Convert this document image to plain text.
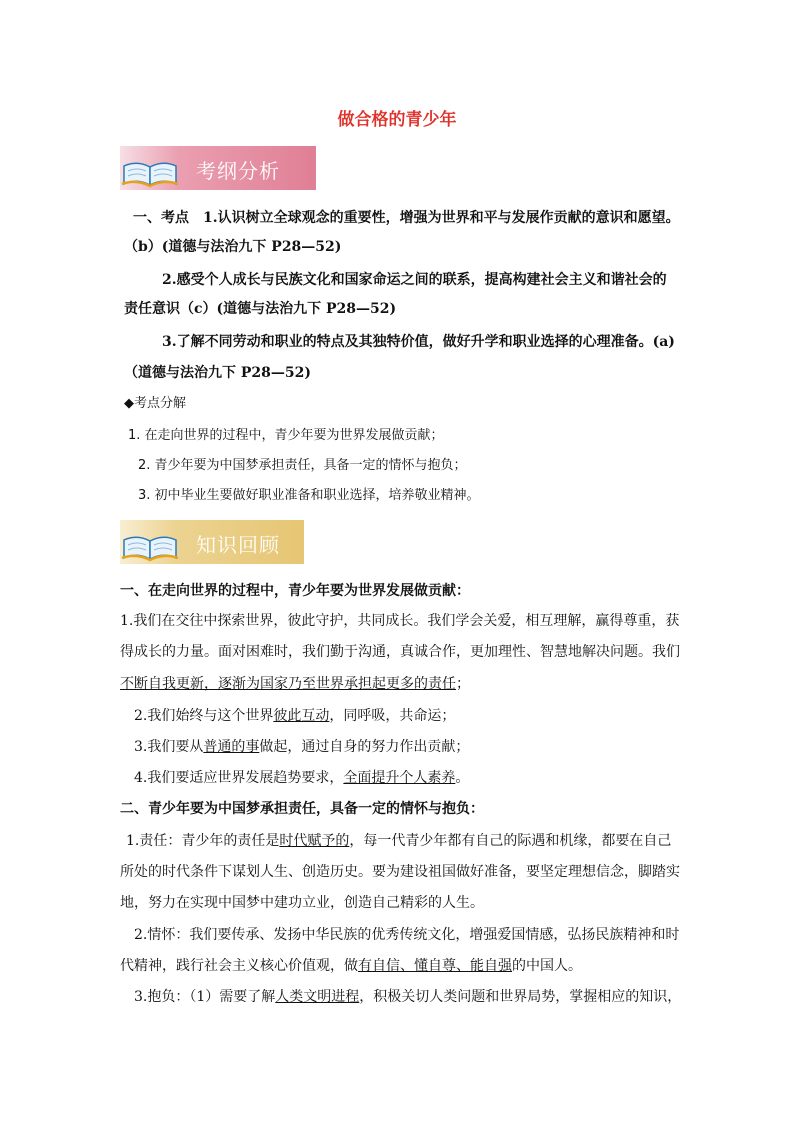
做合格的青少年
考纲分析
一、考点　1.认识树立全球观念的重要性，增强为世界和平与发展作贡献的意识和愿望。
（b）(道德与法治九下 P28—52)
2.感受个人成长与民族文化和国家命运之间的联系，提高构建社会主义和谐社会的
责任意识（c）(道德与法治九下 P28—52)
3.了解不同劳动和职业的特点及其独特价值，做好升学和职业选择的心理准备。(a)
（道德与法治九下 P28—52)
◆考点分解
1. 在走向世界的过程中，青少年要为世界发展做贡献；
2. 青少年要为中国梦承担责任，具备一定的情怀与抱负；
3. 初中毕业生要做好职业准备和职业选择，培养敬业精神。
知识回顾
一、在走向世界的过程中，青少年要为世界发展做贡献：
1.我们在交往中探索世界，彼此守护，共同成长。我们学会关爱，相互理解，赢得尊重，获
得成长的力量。面对困难时，我们勤于沟通，真诚合作，更加理性、智慧地解决问题。我们
不断自我更新，逐渐为国家乃至世界承担起更多的责任；
2.我们始终与这个世界彼此互动，同呼吸，共命运；
3.我们要从普通的事做起，通过自身的努力作出贡献；
4.我们要适应世界发展趋势要求，全面提升个人素养。
二、青少年要为中国梦承担责任，具备一定的情怀与抱负：
1.责任：青少年的责任是时代赋予的，每一代青少年都有自己的际遇和机缘，都要在自己
所处的时代条件下谋划人生、创造历史。要为建设祖国做好准备，要坚定理想信念，脚踏实
地，努力在实现中国梦中建功立业，创造自己精彩的人生。
2.情怀：我们要传承、发扬中华民族的优秀传统文化，增强爱国情感，弘扬民族精神和时
代精神，践行社会主义核心价值观，做有自信、懂自尊、能自强的中国人。
3.抱负：（1）需要了解人类文明进程，积极关切人类问题和世界局势，掌握相应的知识，
